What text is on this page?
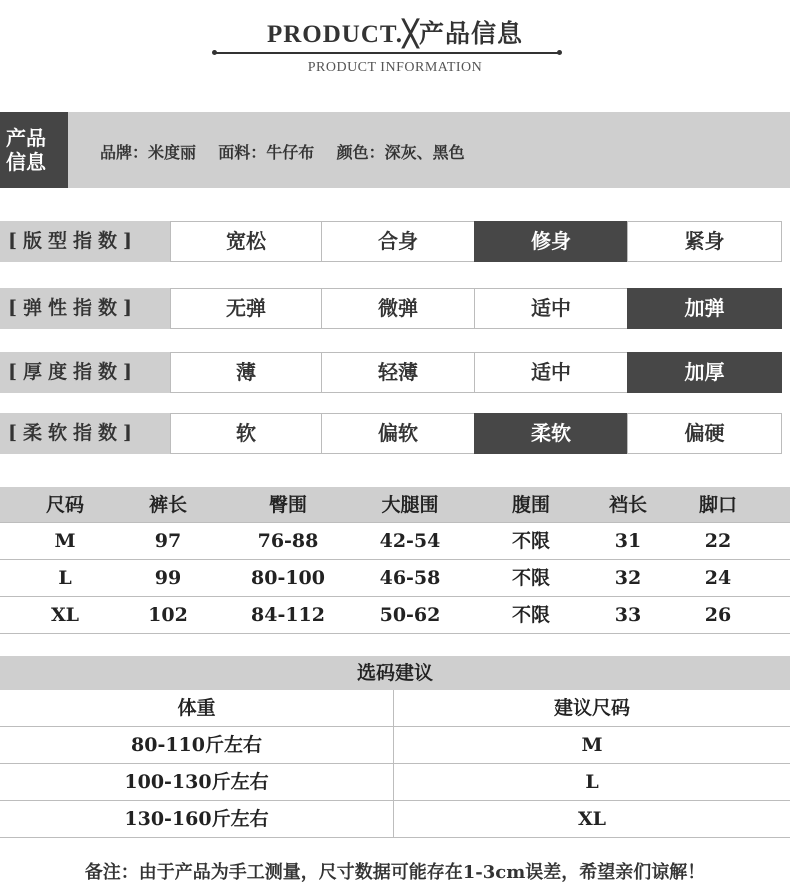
PRODUCT.╳产品信息
PRODUCT INFORMATION
产品
信息	品牌：米度丽    面料：牛仔布    颜色：深灰、黑色
[版型指数]	宽松	合身	修身	紧身
[弹性指数]	无弹	微弹	适中	加弹
[厚度指数]	薄	轻薄	适中	加厚
[柔软指数]	软	偏软	柔软	偏硬
尺码	裤长	臀围	大腿围	腹围	裆长	脚口
M	97	76-88	42-54	不限	31	22
L	99	80-100	46-58	不限	32	24
XL	102	84-112	50-62	不限	33	26
选码建议
体重	建议尺码
80-110斤左右	M
100-130斤左右	L
130-160斤左右	XL
备注：由于产品为手工测量，尺寸数据可能存在1-3cm误差，希望亲们谅解！
